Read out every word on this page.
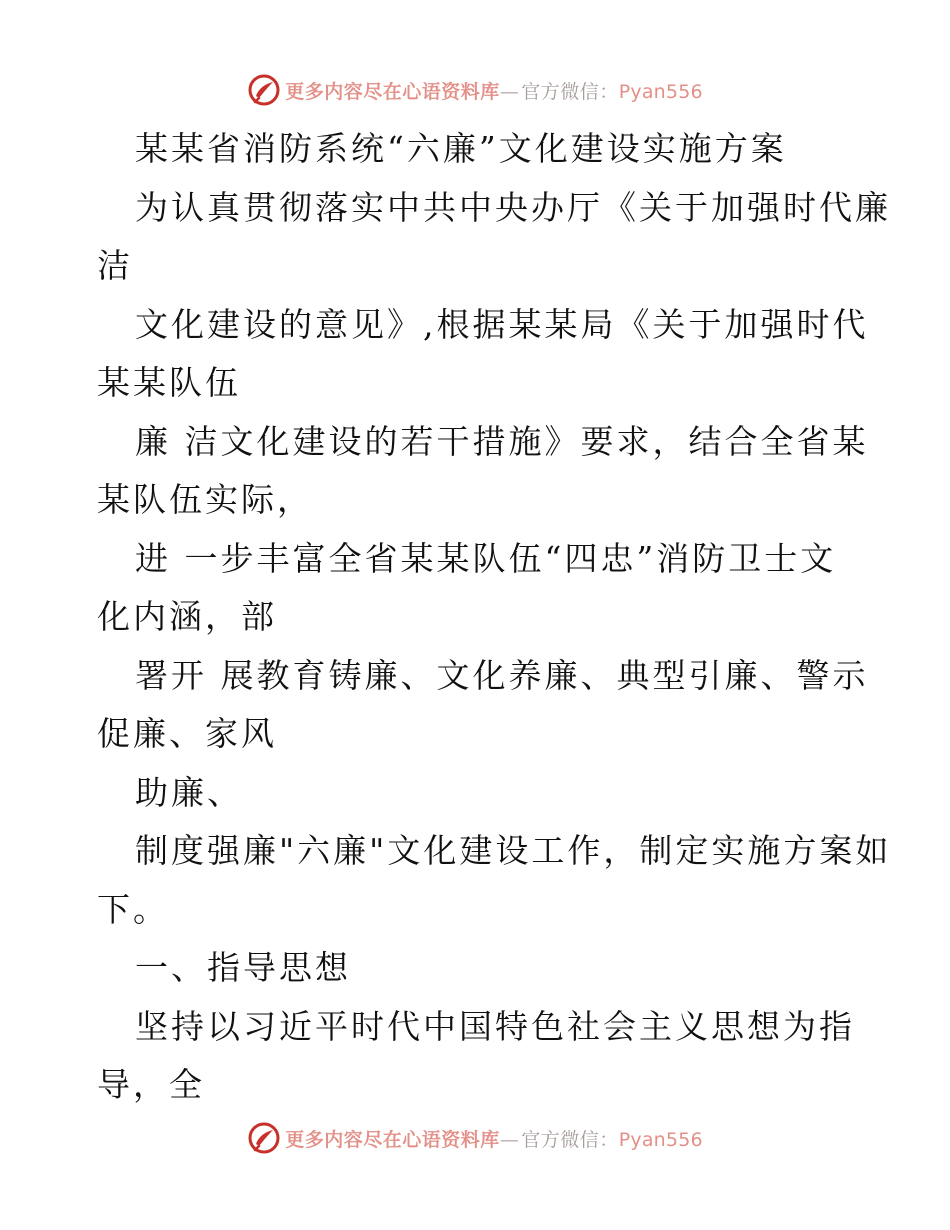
更多内容尽在心语资料库— 官方微信：Pyan556
某某省消防系统“六廉”文化建设实施方案
为认真贯彻落实中共中央办厅《关于加强时代廉
洁
文化建设的意见》,根据某某局《关于加强时代
某某队伍
廉 洁文化建设的若干措施》要求，结合全省某
某队伍实际，
进 一步丰富全省某某队伍“四忠”消防卫士文
化内涵，部
署开 展教育铸廉、文化养廉、典型引廉、警示
促廉、家风
助廉、
制度强廉"六廉"文化建设工作，制定实施方案如
下。
一、指导思想
坚持以习近平时代中国特色社会主义思想为指
导，全
更多内容尽在心语资料库— 官方微信：Pyan556
